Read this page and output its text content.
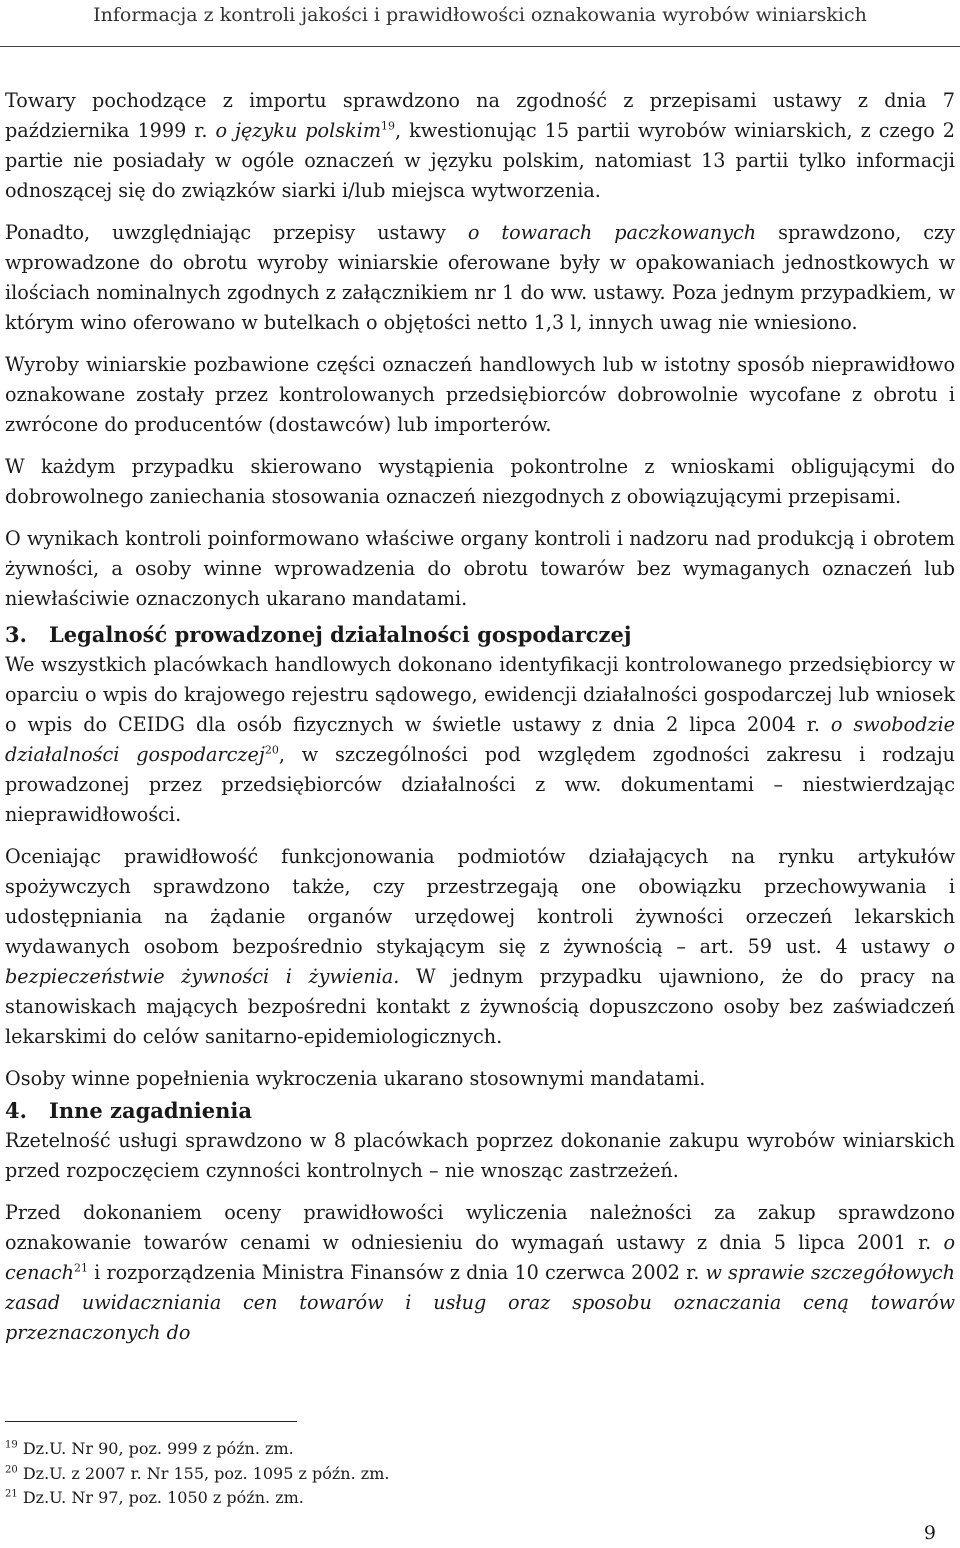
Informacja z kontroli jakości i prawidłowości oznakowania wyrobów winiarskich

Towary pochodzące z importu sprawdzono na zgodność z przepisami ustawy z dnia 7 października 1999 r. o języku polskim$^{19}$, kwestionując 15 partii wyrobów winiarskich, z czego 2 partie nie posiadały w ogóle oznaczeń w języku polskim, natomiast 13 partii tylko informacji odnoszącej się do związków siarki i/lub miejsca wytworzenia.

Ponadto, uwzględniając przepisy ustawy o towarach paczkowanych sprawdzono, czy wprowadzone do obrotu wyroby winiarskie oferowane były w opakowaniach jednostkowych w ilościach nominalnych zgodnych z załącznikiem nr 1 do ww. ustawy. Poza jednym przypadkiem, w którym wino oferowano w butelkach o objętości netto 1,3 l, innych uwag nie wniesiono.

Wyroby winiarskie pozbawione części oznaczeń handlowych lub w istotny sposób nieprawidłowo oznakowane zostały przez kontrolowanych przedsiębiorców dobrowolnie wycofane z obrotu i zwrócone do producentów (dostawców) lub importerów.

W każdym przypadku skierowano wystąpienia pokontrolne z wnioskami obligującymi do dobrowolnego zaniechania stosowania oznaczeń niezgodnych z obowiązującymi przepisami.

O wynikach kontroli poinformowano właściwe organy kontroli i nadzoru nad produkcją i obrotem żywności, a osoby winne wprowadzenia do obrotu towarów bez wymaganych oznaczeń lub niewłaściwie oznaczonych ukarano mandatami.

3. Legalność prowadzonej działalności gospodarczej

We wszystkich placówkach handlowych dokonano identyfikacji kontrolowanego przedsiębiorcy w oparciu o wpis do krajowego rejestru sądowego, ewidencji działalności gospodarczej lub wniosek o wpis do CEIDG dla osób fizycznych w świetle ustawy z dnia 2 lipca 2004 r. o swobodzie działalności gospodarczej$^{20}$, w szczególności pod względem zgodności zakresu i rodzaju prowadzonej przez przedsiębiorców działalności z ww. dokumentami – niestwierdzając nieprawidłowości.

Oceniając prawidłowość funkcjonowania podmiotów działających na rynku artykułów spożywczych sprawdzono także, czy przestrzegają one obowiązku przechowywania i udostępniania na żądanie organów urzędowej kontroli żywności orzeczeń lekarskich wydawanych osobom bezpośrednio stykającym się z żywnością – art. 59 ust. 4 ustawy o bezpieczeństwie żywności i żywienia. W jednym przypadku ujawniono, że do pracy na stanowiskach mających bezpośredni kontakt z żywnością dopuszczono osoby bez zaświadczeń lekarskimi do celów sanitarno-epidemiologicznych.

Osoby winne popełnienia wykroczenia ukarano stosownymi mandatami.

4. Inne zagadnienia

Rzetelność usługi sprawdzono w 8 placówkach poprzez dokonanie zakupu wyrobów winiarskich przed rozpoczęciem czynności kontrolnych – nie wnosząc zastrzeżeń.

Przed dokonaniem oceny prawidłowości wyliczenia należności za zakup sprawdzono oznakowanie towarów cenami w odniesieniu do wymagań ustawy z dnia 5 lipca 2001 r. o cenach$^{21}$ i rozporządzenia Ministra Finansów z dnia 10 czerwca 2002 r. w sprawie szczegółowych zasad uwidaczniania cen towarów i usług oraz sposobu oznaczania ceną towarów przeznaczonych do

$^{19}$ Dz.U. Nr 90, poz. 999 z późn. zm.
$^{20}$ Dz.U. z 2007 r. Nr 155, poz. 1095 z późn. zm.
$^{21}$ Dz.U. Nr 97, poz. 1050 z późn. zm.
9
